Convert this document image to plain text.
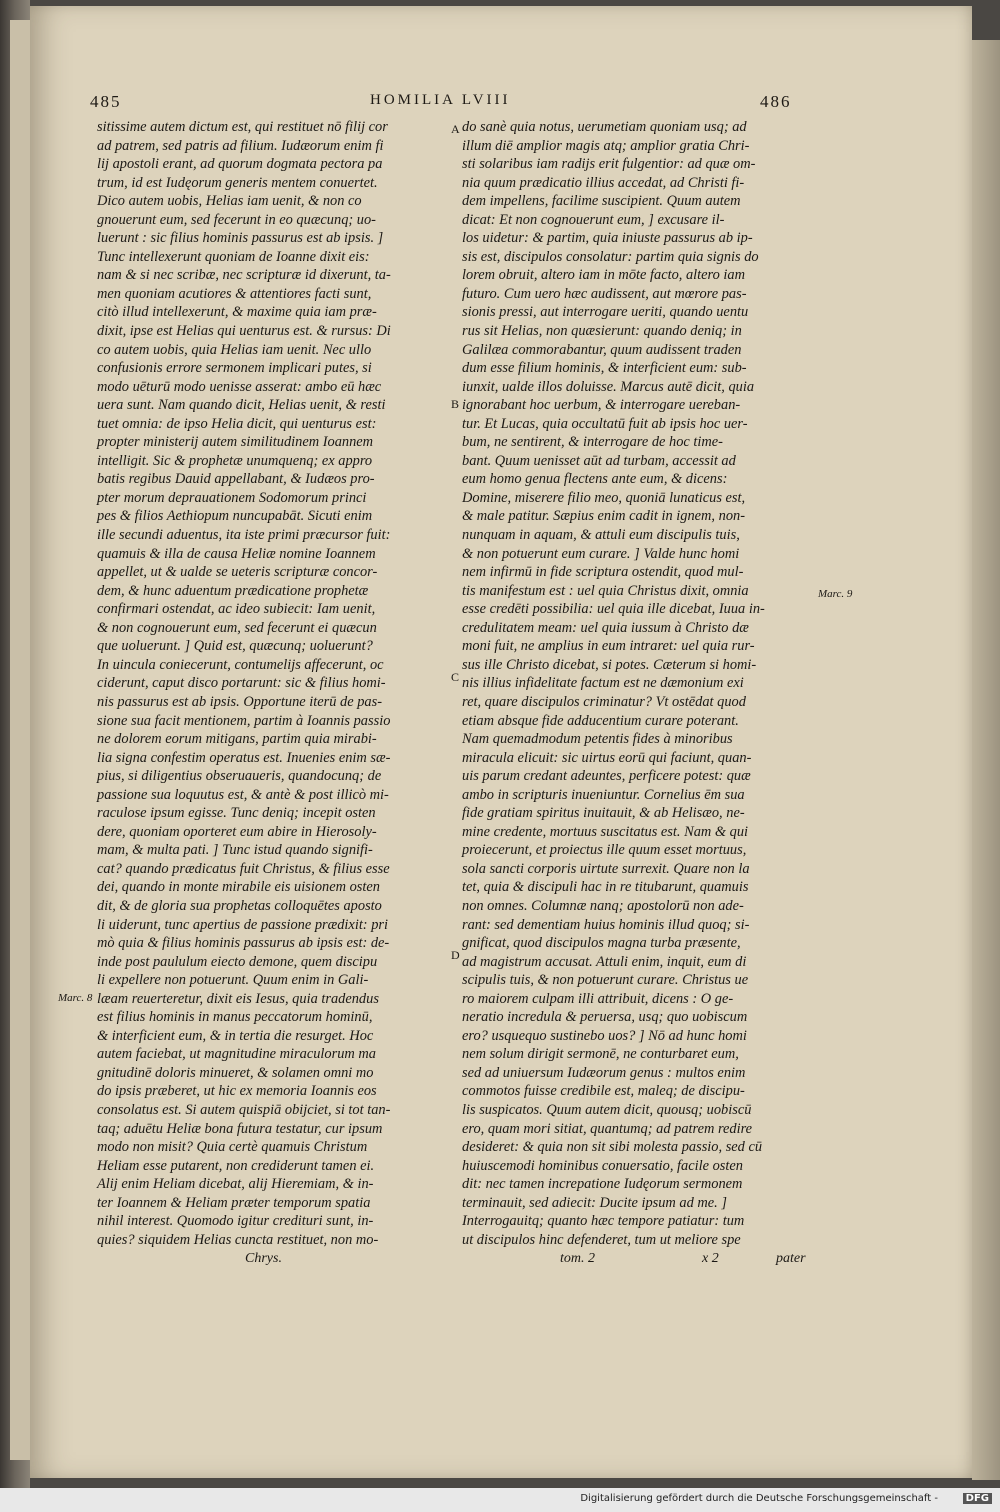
485	HOMILIA LVIII	486
sitissime autem dictum est, qui restituet nō filij cor
ad patrem, sed patris ad filium. Iudæorum enim fi
lij apostoli erant, ad quorum dogmata pectora pa
trum, id est Iudęorum generis mentem conuertet.
Dico autem uobis, Helias iam uenit, & non co
gnouerunt eum, sed fecerunt in eo quæcunq; uo-
luerunt : sic filius hominis passurus est ab ipsis. ]
Tunc intellexerunt quoniam de Ioanne dixit eis:
nam & si nec scribæ, nec scripturæ id dixerunt, ta-
men quoniam acutiores & attentiores facti sunt,
citò illud intellexerunt, & maxime quia iam præ-
dixit, ipse est Helias qui uenturus est. & rursus: Di
co autem uobis, quia Helias iam uenit. Nec ullo
confusionis errore sermonem implicari putes, si
modo uēturū modo uenisse asserat: ambo eū hæc
uera sunt. Nam quando dicit, Helias uenit, & resti
tuet omnia: de ipso Helia dicit, qui uenturus est:
propter ministerij autem similitudinem Ioannem
intelligit. Sic & prophetæ unumquenq; ex appro
batis regibus Dauid appellabant, & Iudæos pro-
pter morum deprauationem Sodomorum princi
pes & filios Aethiopum nuncupabāt. Sicuti enim
ille secundi aduentus, ita iste primi præcursor fuit:
quamuis & illa de causa Heliæ nomine Ioannem
appellet, ut & ualde se ueteris scripturæ concor-
dem, & hunc aduentum prædicatione prophetæ
confirmari ostendat, ac ideo subiecit: Iam uenit,
& non cognouerunt eum, sed fecerunt ei quæcun
que uoluerunt. ] Quid est, quæcunq; uoluerunt?
In uincula coniecerunt, contumelijs affecerunt, oc
ciderunt, caput disco portarunt: sic & filius homi-
nis passurus est ab ipsis. Opportune iterū de pas-
sione sua facit mentionem, partim à Ioannis passio
ne dolorem eorum mitigans, partim quia mirabi-
lia signa confestim operatus est. Inuenies enim sæ-
pius, si diligentius obseruaueris, quandocunq; de
passione sua loquutus est, & antè & post illicò mi-
raculose ipsum egisse. Tunc deniq; incepit osten
dere, quoniam oporteret eum abire in Hierosoly-
mam, & multa pati. ] Tunc istud quando signifi-
cat? quando prædicatus fuit Christus, & filius esse
dei, quando in monte mirabile eis uisionem osten
dit, & de gloria sua prophetas colloquētes aposto
li uiderunt, tunc apertius de passione prædixit: pri
mò quia & filius hominis passurus ab ipsis est: de-
inde post paululum eiecto demone, quem discipu
li expellere non potuerunt. Quum enim in Gali-
læam reuerteretur, dixit eis Iesus, quia tradendus
est filius hominis in manus peccatorum hominū,
& interficient eum, & in tertia die resurget. Hoc
autem faciebat, ut magnitudine miraculorum ma
gnitudinē doloris minueret, & solamen omni mo
do ipsis præberet, ut hic ex memoria Ioannis eos
consolatus est. Si autem quispiā obijciet, si tot tan-
taq; aduētu Heliæ bona futura testatur, cur ipsum
modo non misit? Quia certè quamuis Christum
Heliam esse putarent, non crediderunt tamen ei.
Alij enim Heliam dicebat, alij Hieremiam, & in-
ter Ioannem & Heliam præter temporum spatia
nihil interest. Quomodo igitur credituri sunt, in-
quies? siquidem Helias cuncta restituet, non mo-
do sanè quia notus, uerumetiam quoniam usq; ad
illum diē amplior magis atq; amplior gratia Chri-
sti solaribus iam radijs erit fulgentior: ad quæ om-
nia quum prædicatio illius accedat, ad Christi fi-
dem impellens, facilime suscipient. Quum autem
dicat: Et non cognouerunt eum, ] excusare il-
los uidetur: & partim, quia iniuste passurus ab ip-
sis est, discipulos consolatur: partim quia signis do
lorem obruit, altero iam in mōte facto, altero iam
futuro. Cum uero hæc audissent, aut mœrore pas-
sionis pressi, aut interrogare ueriti, quando uentu
rus sit Helias, non quæsierunt: quando deniq; in
Galilæa commorabantur, quum audissent traden
dum esse filium hominis, & interficient eum: sub-
iunxit, ualde illos doluisse. Marcus autē dicit, quia
ignorabant hoc uerbum, & interrogare uereban-
tur. Et Lucas, quia occultatū fuit ab ipsis hoc uer-
bum, ne sentirent, & interrogare de hoc time-
bant. Quum uenisset aūt ad turbam, accessit ad
eum homo genua flectens ante eum, & dicens:
Domine, miserere filio meo, quoniā lunaticus est,
& male patitur. Sæpius enim cadit in ignem, non-
nunquam in aquam, & attuli eum discipulis tuis,
& non potuerunt eum curare. ] Valde hunc homi
nem infirmū in fide scriptura ostendit, quod mul-
tis manifestum est : uel quia Christus dixit, omnia
esse credēti possibilia: uel quia ille dicebat, Iuua in-
credulitatem meam: uel quia iussum à Christo dæ
moni fuit, ne amplius in eum intraret: uel quia rur-
sus ille Christo dicebat, si potes. Cæterum si homi-
nis illius infidelitate factum est ne dæmonium exi
ret, quare discipulos criminatur? Vt ostēdat quod
etiam absque fide adducentium curare poterant.
Nam quemadmodum petentis fides à minoribus
miracula elicuit: sic uirtus eorū qui faciunt, quan-
uis parum credant adeuntes, perficere potest: quæ
ambo in scripturis inueniuntur. Cornelius ēm sua
fide gratiam spiritus inuitauit, & ab Helisæo, ne-
mine credente, mortuus suscitatus est. Nam & qui
proiecerunt, et proiectus ille quum esset mortuus,
sola sancti corporis uirtute surrexit. Quare non la
tet, quia & discipuli hac in re titubarunt, quamuis
non omnes. Columnæ nanq; apostolorū non ade-
rant: sed dementiam huius hominis illud quoq; si-
gnificat, quod discipulos magna turba præsente,
ad magistrum accusat. Attuli enim, inquit, eum di
scipulis tuis, & non potuerunt curare. Christus ue
ro maiorem culpam illi attribuit, dicens : O ge-
neratio incredula & peruersa, usq; quo uobiscum
ero? usquequo sustinebo uos? ] Nō ad hunc homi
nem solum dirigit sermonē, ne conturbaret eum,
sed ad uniuersum Iudæorum genus : multos enim
commotos fuisse credibile est, maleq; de discipu-
lis suspicatos. Quum autem dicit, quousq; uobiscū
ero, quam mori sitiat, quantumq; ad patrem redire
desideret: & quia non sit sibi molesta passio, sed cū
huiuscemodi hominibus conuersatio, facile osten
dit: nec tamen increpatione Iudęorum sermonem
terminauit, sed adiecit: Ducite ipsum ad me. ]
Interrogauitq; quanto hæc tempore patiatur: tum
ut discipulos hinc defenderet, tum ut meliore spe
A
B
C
D
Marc. 9
Marc. 8
Chrys.	tom. 2	x 2	pater
Digitalisierung gefördert durch die Deutsche Forschungsgemeinschaft -	DFG
